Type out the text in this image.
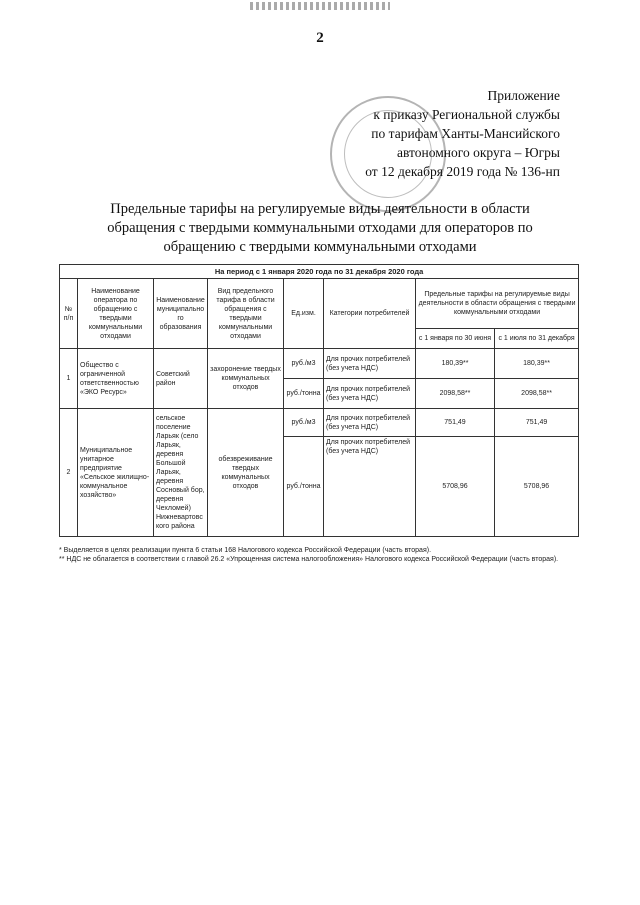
2
Приложение
к приказу Региональной службы
по тарифам Ханты-Мансийского
автономного округа – Югры
от 12 декабря 2019 года № 136-нп
Предельные тарифы на регулируемые виды деятельности в области
обращения с твердыми коммунальными отходами для операторов по
обращению с твердыми коммунальными отходами
На период с 1 января 2020 года по 31 декабря 2020 года							
№ п/п	Наименование оператора по обращению с твердыми коммунальными отходами	Наименование муниципального образования	Вид предельного тарифа в области обращения с твердыми коммунальными отходами	Ед.изм.	Категории потребителей	Предельные тарифы на регулируемые виды деятельности в области обращения с твердыми коммунальными отходами	
						с 1 января по 30 июня	с 1 июля по 31 декабря
1	Общество с ограниченной ответственностью «ЭКО Ресурс»	Советский район	захоронение твердых коммунальных отходов	руб./м3	Для прочих потребителей (без учета НДС)	180,39**	180,39**
				руб./тонна	Для прочих потребителей (без учета НДС)	2098,58**	2098,58**
2	Муниципальное унитарное предприятие «Сельское жилищно-коммунальное хозяйство»	сельское поселение Ларьяк (село Ларьяк, деревня Большой Ларьяк, деревня Сосновый бор, деревня Чехломей) Нижневартовского района	обезвреживание твердых коммунальных отходов	руб./м3	Для прочих потребителей (без учета НДС)	751,49	751,49
				руб./тонна	Для прочих потребителей (без учета НДС)	5708,96	5708,96
* Выделяется в целях реализации пункта 6 статьи 168 Налогового кодекса Российской Федерации (часть вторая).
** НДС не облагается в соответствии с главой 26.2 «Упрощенная система налогообложения» Налогового кодекса Российской Федерации (часть вторая).
